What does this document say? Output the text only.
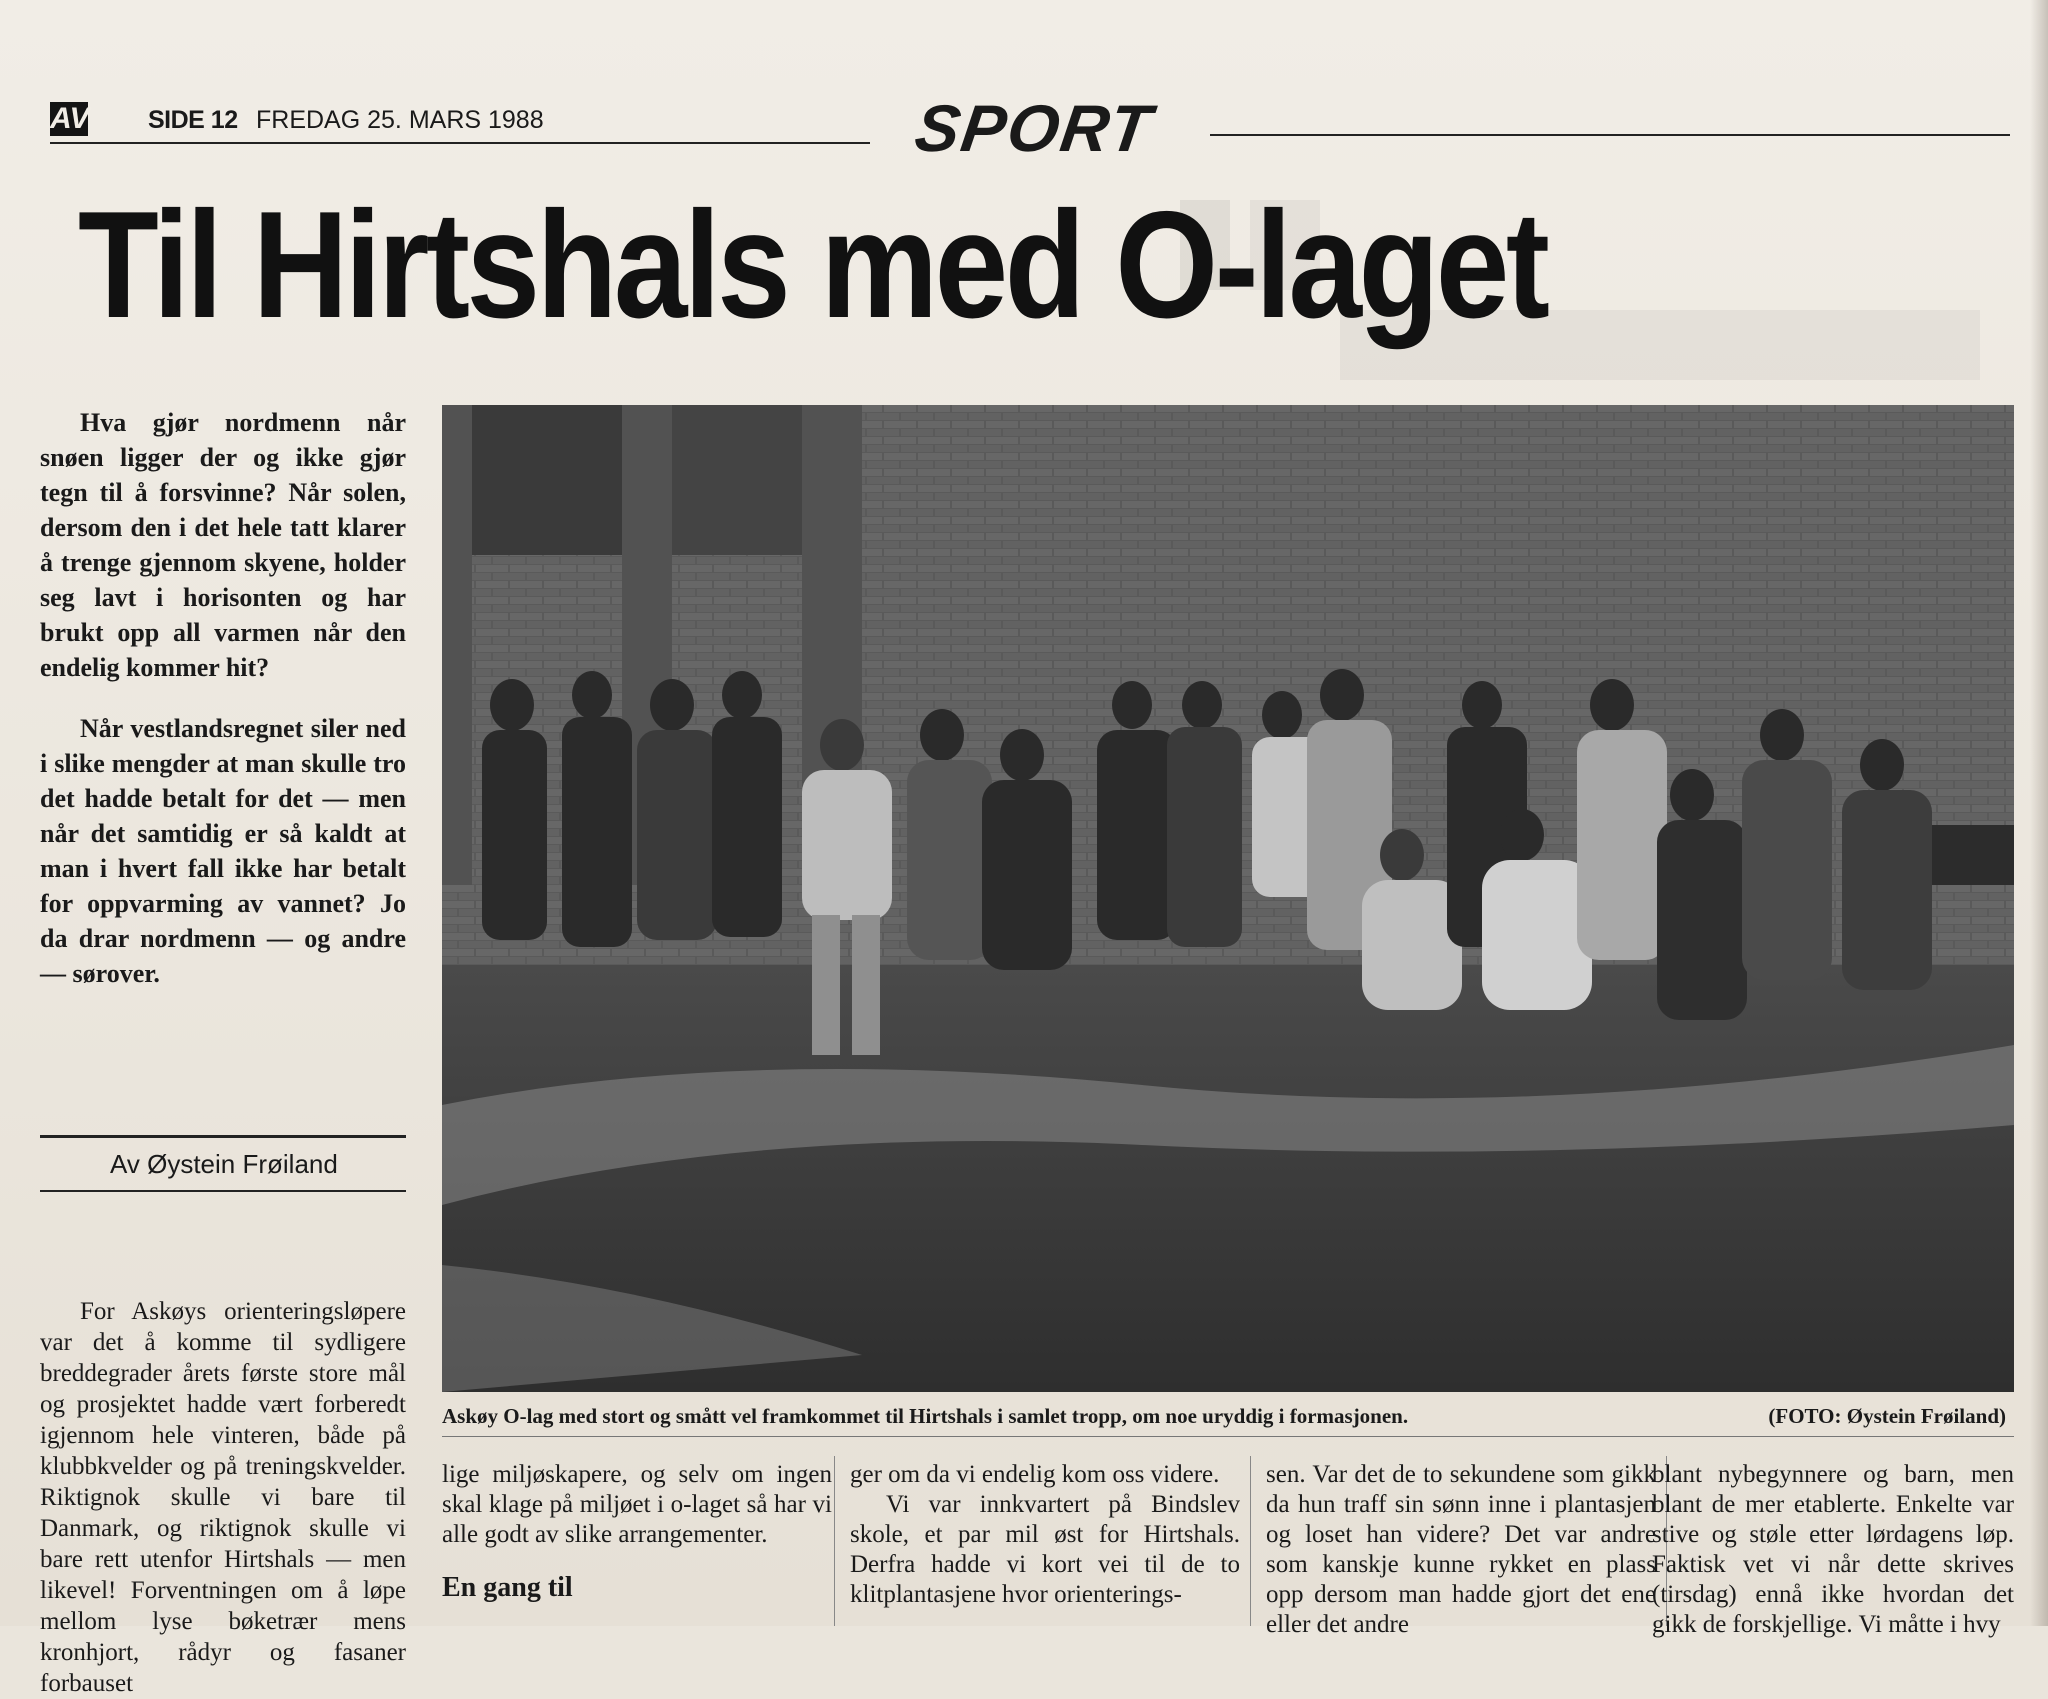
AV SIDE 12 FREDAG 25. MARS 1988	SPORT
Til Hirtshals med O-laget

Hva gjør nordmenn når snøen ligger der og ikke gjør tegn til å forsvinne? Når solen, dersom den i det hele tatt klarer å trenge gjennom skyene, holder seg lavt i horisonten og har brukt opp all varmen når den endelig kommer hit?

Når vestlandsregnet siler ned i slike mengder at man skulle tro det hadde betalt for det — men når det samtidig er så kaldt at man i hvert fall ikke har betalt for oppvarming av vannet? Jo da drar nordmenn — og andre — sørover.

Av Øystein Frøiland

For Askøys orienteringsløpere var det å komme til sydligere breddegrader årets første store mål og prosjektet hadde vært forberedt igjennom hele vinteren, både på klubbkvelder og på treningskvelder. Riktignok skulle vi bare til Danmark, og riktignok skulle vi bare rett utenfor Hirtshals — men likevel! Forventningen om å løpe mellom lyse bøketrær mens kronhjort, rådyr og fasaner forbauset

Askøy O-lag med stort og smått vel framkommet til Hirtshals i samlet tropp, om noe uryddig i formasjonen.	(FOTO: Øystein Frøiland)

lige miljøskapere, og selv om ingen skal klage på miljøet i o-laget så har vi alle godt av slike arrangementer.

En gang til

ger om da vi endelig kom oss videre.

Vi var innkvartert på Bindslev skole, et par mil øst for Hirtshals. Derfra hadde vi kort vei til de to klitplantasjene hvor orienterings-

sen. Var det de to sekundene som gikk da hun traff sin sønn inne i plantasjen og loset han videre? Det var andre som kanskje kunne rykket en plass opp dersom man hadde gjort det ene eller det andre

blant nybegynnere og barn, men blant de mer etablerte. Enkelte var stive og støle etter lørdagens løp. Faktisk vet vi når dette skrives (tirsdag) ennå ikke hvordan det gikk de forskjellige. Vi måtte i hvy
